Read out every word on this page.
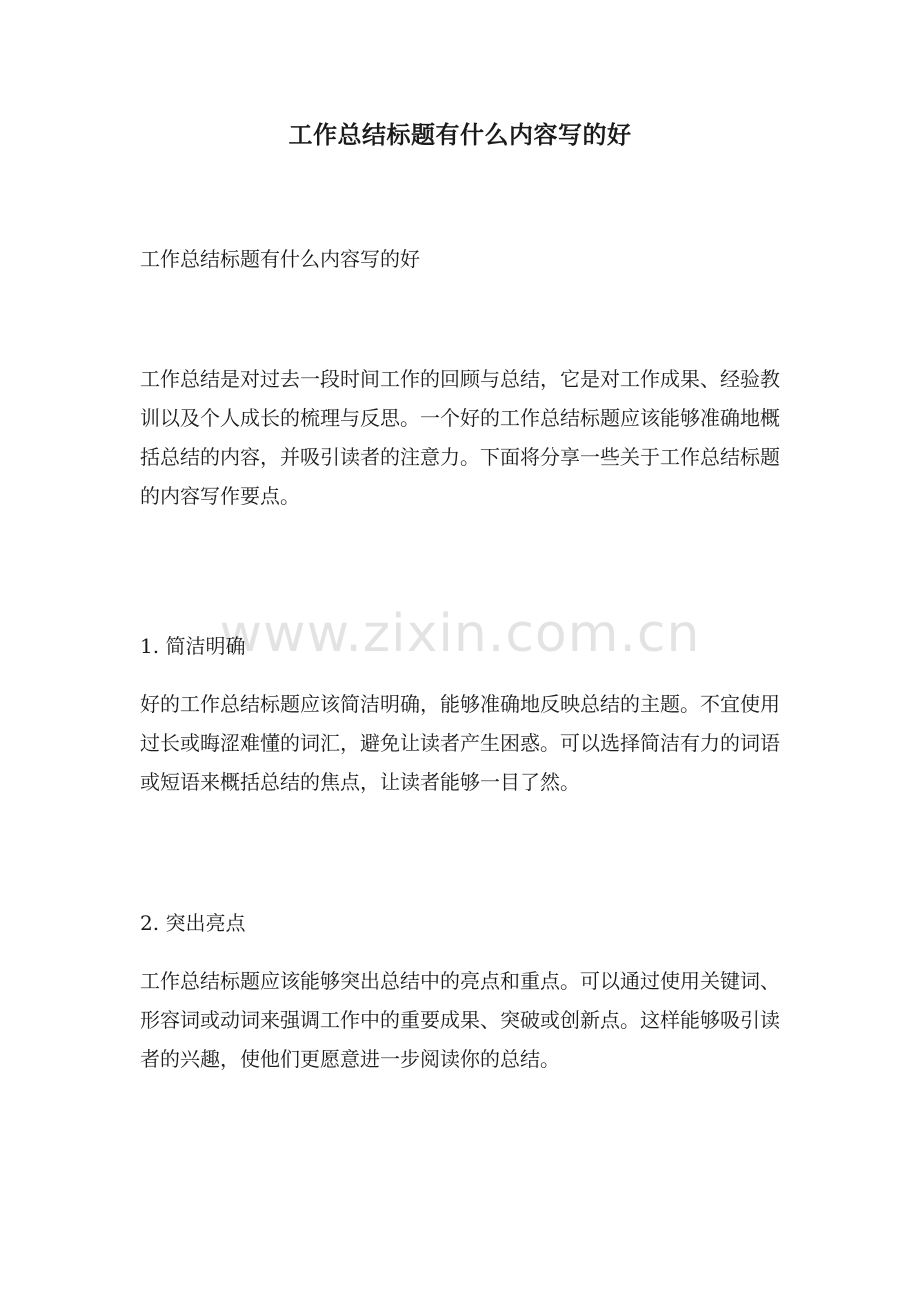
工作总结标题有什么内容写的好

工作总结标题有什么内容写的好

工作总结是对过去一段时间工作的回顾与总结，它是对工作成果、经验教训以及个人成长的梳理与反思。一个好的工作总结标题应该能够准确地概括总结的内容，并吸引读者的注意力。下面将分享一些关于工作总结标题的内容写作要点。

1. 简洁明确

好的工作总结标题应该简洁明确，能够准确地反映总结的主题。不宜使用过长或晦涩难懂的词汇，避免让读者产生困惑。可以选择简洁有力的词语或短语来概括总结的焦点，让读者能够一目了然。

2. 突出亮点

工作总结标题应该能够突出总结中的亮点和重点。可以通过使用关键词、形容词或动词来强调工作中的重要成果、突破或创新点。这样能够吸引读者的兴趣，使他们更愿意进一步阅读你的总结。

www.zixin.com.cn
